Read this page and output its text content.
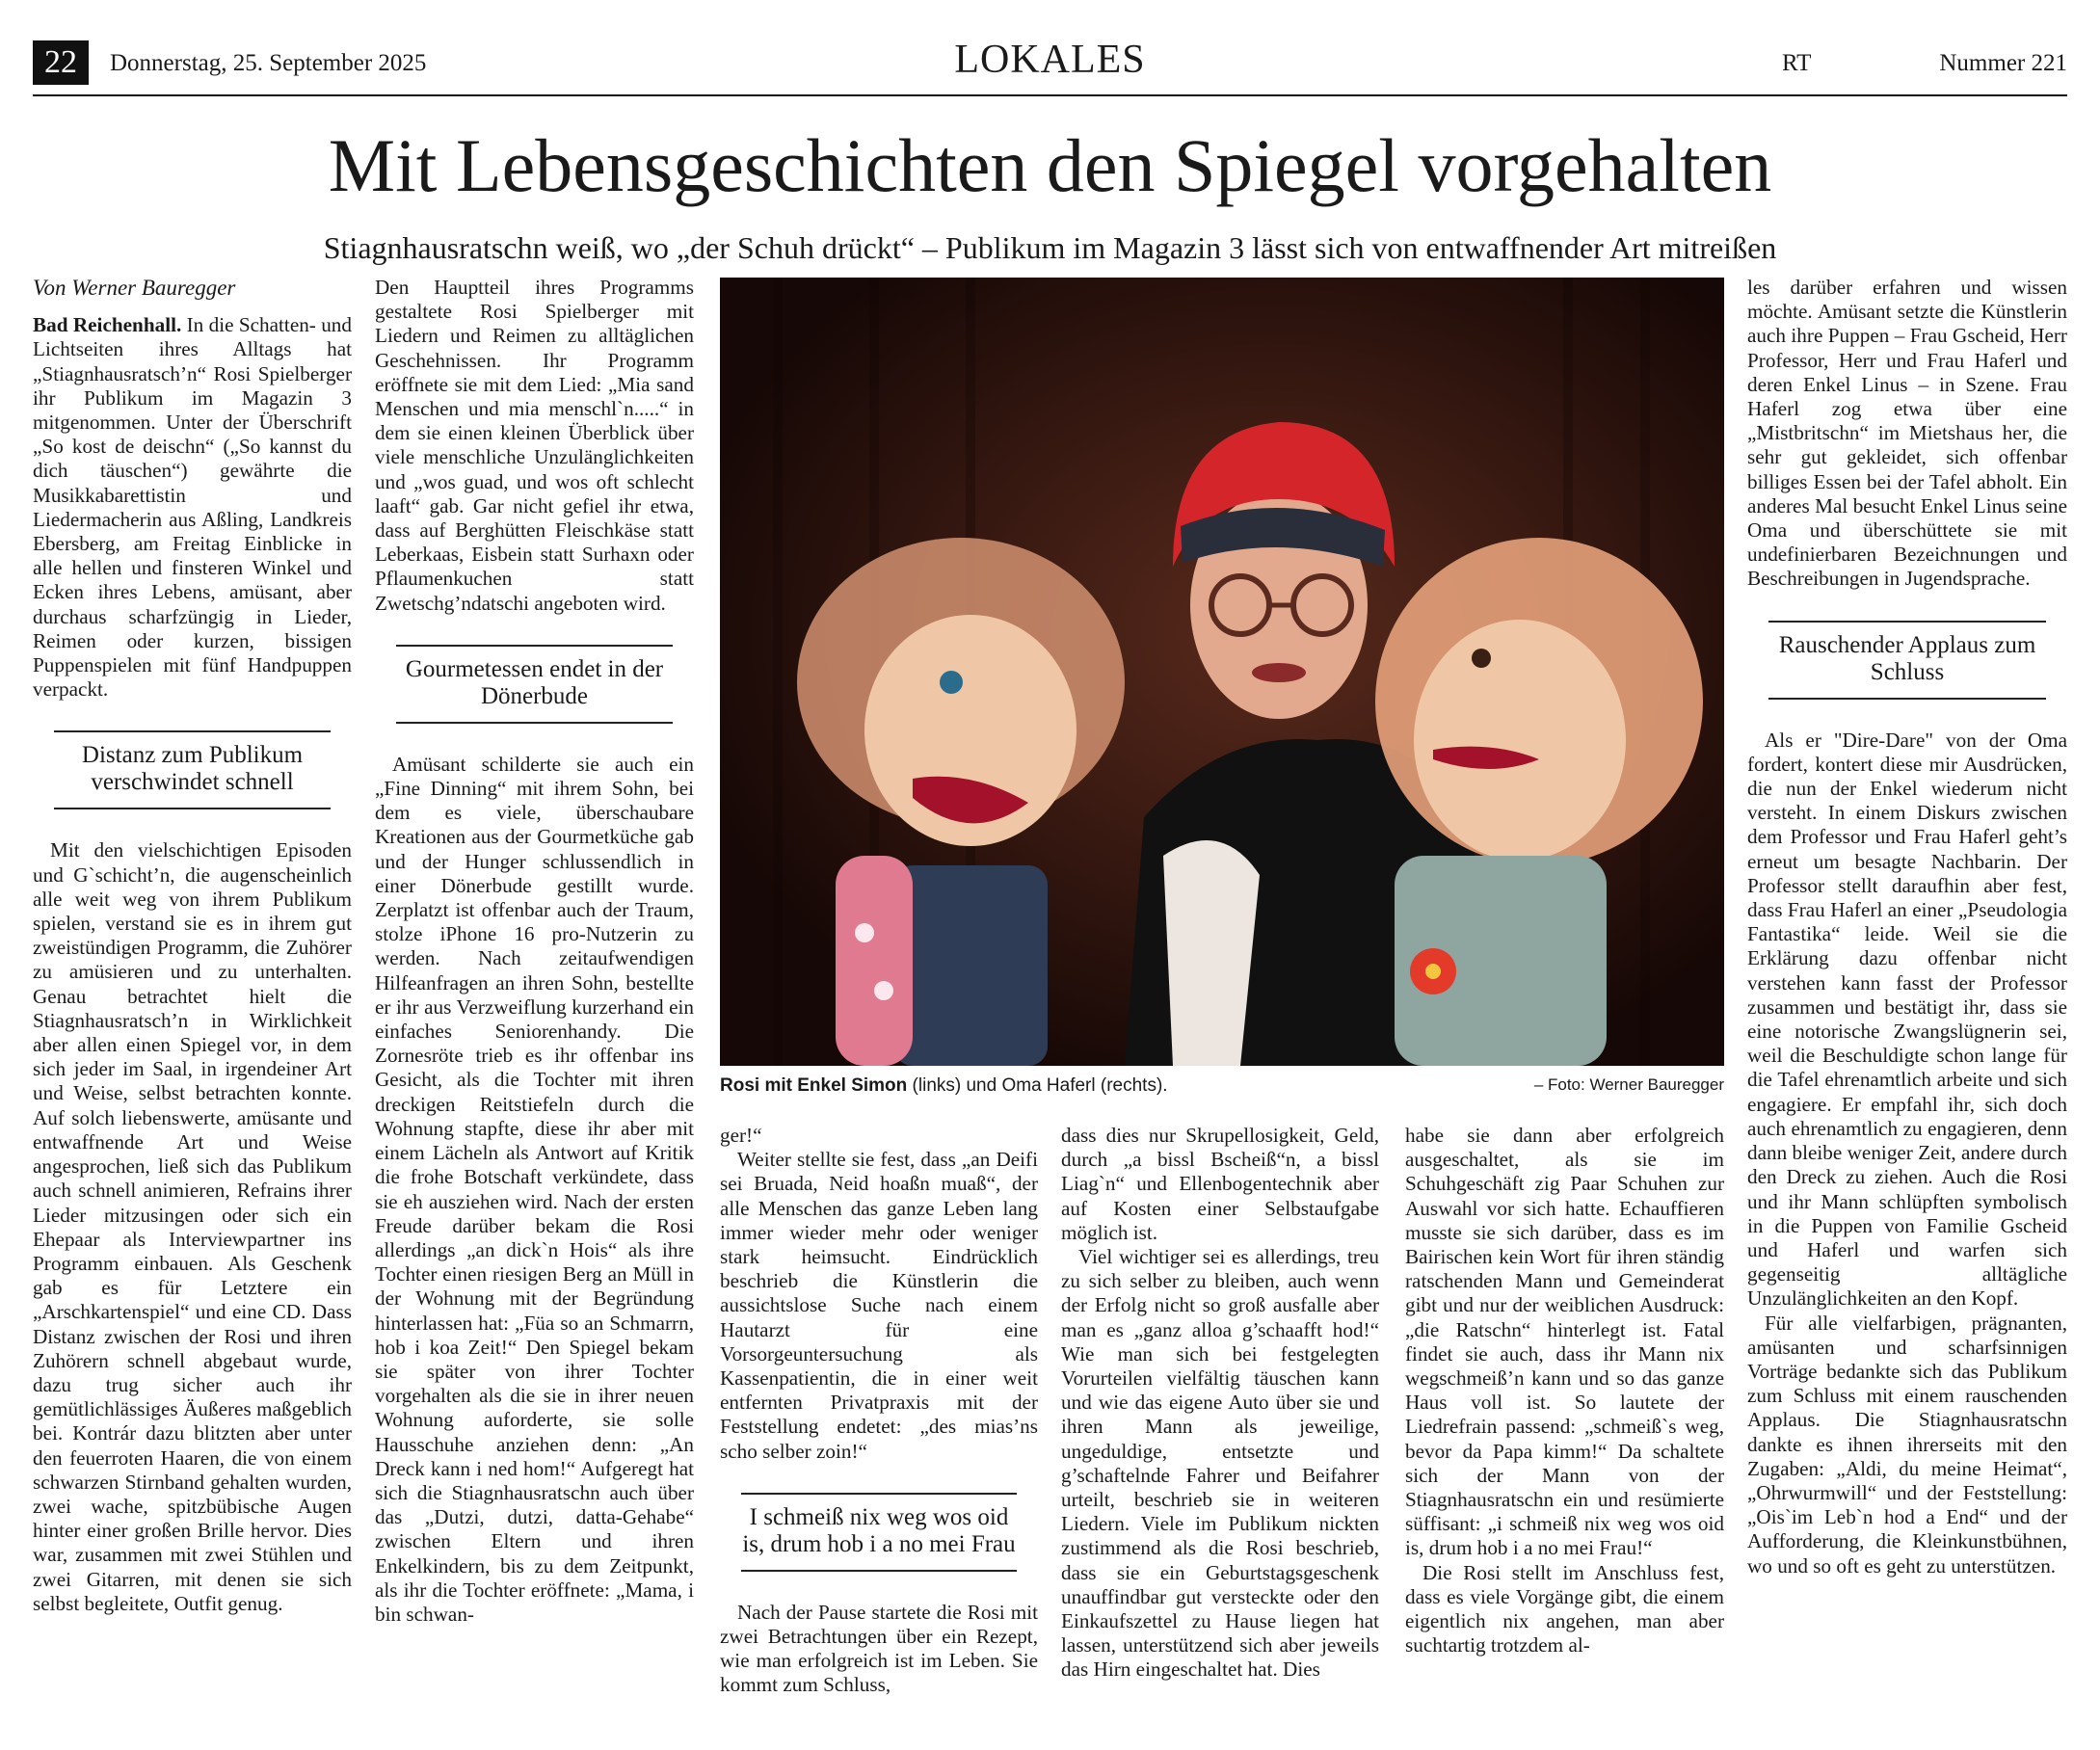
22	Donnerstag, 25. September 2025	LOKALES	RT	Nummer 221
Mit Lebensgeschichten den Spiegel vorgehalten
Stiagnhausratschn weiß, wo „der Schuh drückt“ – Publikum im Magazin 3 lässt sich von entwaffnender Art mitreißen
Von Werner Bauregger

Bad Reichenhall. In die Schatten- und Lichtseiten ihres Alltags hat „Stiagnhausratsch’n“ Rosi Spielberger ihr Publikum im Magazin 3 mitgenommen. Unter der Überschrift „So kost de deischn“ („So kannst du dich täuschen“) gewährte die Musikkabarettistin und Liedermacherin aus Aßling, Landkreis Ebersberg, am Freitag Einblicke in alle hellen und finsteren Winkel und Ecken ihres Lebens, amüsant, aber durchaus scharfzüngig in Lieder, Reimen oder kurzen, bissigen Puppenspielen mit fünf Handpuppen verpackt.

Distanz zum Publikum verschwindet schnell

Mit den vielschichtigen Episoden und G`schicht’n, die augenscheinlich alle weit weg von ihrem Publikum spielen, verstand sie es in ihrem gut zweistündigen Programm, die Zuhörer zu amüsieren und zu unterhalten. Genau betrachtet hielt die Stiagnhausratsch’n in Wirklichkeit aber allen einen Spiegel vor, in dem sich jeder im Saal, in irgendeiner Art und Weise, selbst betrachten konnte. Auf solch liebenswerte, amüsante und entwaffnende Art und Weise angesprochen, ließ sich das Publikum auch schnell animieren, Refrains ihrer Lieder mitzusingen oder sich ein Ehepaar als Interviewpartner ins Programm einbauen. Als Geschenk gab es für Letztere ein „Arschkartenspiel“ und eine CD. Dass Distanz zwischen der Rosi und ihren Zuhörern schnell abgebaut wurde, dazu trug sicher auch ihr gemütlichlässiges Äußeres maßgeblich bei. Kontrár dazu blitzten aber unter den feuerroten Haaren, die von einem schwarzen Stirnband gehalten wurden, zwei wache, spitzbübische Augen hinter einer großen Brille hervor. Dies war, zusammen mit zwei Stühlen und zwei Gitarren, mit denen sie sich selbst begleitete, Outfit genug.

Den Hauptteil ihres Programms gestaltete Rosi Spielberger mit Liedern und Reimen zu alltäglichen Geschehnissen. Ihr Programm eröffnete sie mit dem Lied: „Mia sand Menschen und mia menschl`n.....“ in dem sie einen kleinen Überblick über viele menschliche Unzulänglichkeiten und „wos guad, und wos oft schlecht laaft“ gab. Gar nicht gefiel ihr etwa, dass auf Berghütten Fleischkäse statt Leberkaas, Eisbein statt Surhaxn oder Pflaumenkuchen statt Zwetschg’ndatschi angeboten wird.

Gourmetessen endet in der Dönerbude

Amüsant schilderte sie auch ein „Fine Dinning“ mit ihrem Sohn, bei dem es viele, überschaubare Kreationen aus der Gourmetküche gab und der Hunger schlussendlich in einer Dönerbude gestillt wurde. Zerplatzt ist offenbar auch der Traum, stolze iPhone 16 pro-Nutzerin zu werden. Nach zeitaufwendigen Hilfeanfragen an ihren Sohn, bestellte er ihr aus Verzweiflung kurzerhand ein einfaches Seniorenhandy. Die Zornesröte trieb es ihr offenbar ins Gesicht, als die Tochter mit ihren dreckigen Reitstiefeln durch die Wohnung stapfte, diese ihr aber mit einem Lächeln als Antwort auf Kritik die frohe Botschaft verkündete, dass sie eh ausziehen wird. Nach der ersten Freude darüber bekam die Rosi allerdings „an dick`n Hois“ als ihre Tochter einen riesigen Berg an Müll in der Wohnung mit der Begründung hinterlassen hat: „Füa so an Schmarrn, hob i koa Zeit!“ Den Spiegel bekam sie später von ihrer Tochter vorgehalten als die sie in ihrer neuen Wohnung auforderte, sie solle Hausschuhe anziehen denn: „An Dreck kann i ned hom!“ Aufgeregt hat sich die Stiagnhausratschn auch über das „Dutzi, dutzi, datta-Gehabe“ zwischen Eltern und ihren Enkelkindern, bis zu dem Zeitpunkt, als ihr die Tochter eröffnete: „Mama, i bin schwan-

Rosi mit Enkel Simon (links) und Oma Haferl (rechts).	– Foto: Werner Bauregger

ger!“

Weiter stellte sie fest, dass „an Deifi sei Bruada, Neid hoaßn muaß“, der alle Menschen das ganze Leben lang immer wieder mehr oder weniger stark heimsucht. Eindrücklich beschrieb die Künstlerin die aussichtslose Suche nach einem Hautarzt für eine Vorsorgeuntersuchung als Kassenpatientin, die in einer weit entfernten Privatpraxis mit der Feststellung endetet: „des mias’ns scho selber zoin!“

I schmeiß nix weg wos oid is, drum hob i a no mei Frau

Nach der Pause startete die Rosi mit zwei Betrachtungen über ein Rezept, wie man erfolgreich ist im Leben. Sie kommt zum Schluss,

dass dies nur Skrupellosigkeit, Geld, durch „a bissl Bscheiß“n, a bissl Liag`n“ und Ellenbogentechnik aber auf Kosten einer Selbstaufgabe möglich ist.

Viel wichtiger sei es allerdings, treu zu sich selber zu bleiben, auch wenn der Erfolg nicht so groß ausfalle aber man es „ganz alloa g’schaafft hod!“ Wie man sich bei festgelegten Vorurteilen vielfältig täuschen kann und wie das eigene Auto über sie und ihren Mann als jeweilige, ungeduldige, entsetzte und g’schaftelnde Fahrer und Beifahrer urteilt, beschrieb sie in weiteren Liedern. Viele im Publikum nickten zustimmend als die Rosi beschrieb, dass sie ein Geburtstagsgeschenk unauffindbar gut versteckte oder den Einkaufszettel zu Hause liegen hat lassen, unterstützend sich aber jeweils das Hirn eingeschaltet hat. Dies

habe sie dann aber erfolgreich ausgeschaltet, als sie im Schuhgeschäft zig Paar Schuhen zur Auswahl vor sich hatte. Echauffieren musste sie sich darüber, dass es im Bairischen kein Wort für ihren ständig ratschenden Mann und Gemeinderat gibt und nur der weiblichen Ausdruck: „die Ratschn“ hinterlegt ist. Fatal findet sie auch, dass ihr Mann nix wegschmeiß’n kann und so das ganze Haus voll ist. So lautete der Liedrefrain passend: „schmeiß`s weg, bevor da Papa kimm!“ Da schaltete sich der Mann von der Stiagnhausratschn ein und resümierte süffisant: „i schmeiß nix weg wos oid is, drum hob i a no mei Frau!“

Die Rosi stellt im Anschluss fest, dass es viele Vorgänge gibt, die einem eigentlich nix angehen, man aber suchtartig trotzdem al-

les darüber erfahren und wissen möchte. Amüsant setzte die Künstlerin auch ihre Puppen – Frau Gscheid, Herr Professor, Herr und Frau Haferl und deren Enkel Linus – in Szene. Frau Haferl zog etwa über eine „Mistbritschn“ im Mietshaus her, die sehr gut gekleidet, sich offenbar billiges Essen bei der Tafel abholt. Ein anderes Mal besucht Enkel Linus seine Oma und überschüttete sie mit undefinierbaren Bezeichnungen und Beschreibungen in Jugendsprache.

Rauschender Applaus zum Schluss

Als er "Dire-Dare" von der Oma fordert, kontert diese mir Ausdrücken, die nun der Enkel wiederum nicht versteht. In einem Diskurs zwischen dem Professor und Frau Haferl geht’s erneut um besagte Nachbarin. Der Professor stellt daraufhin aber fest, dass Frau Haferl an einer „Pseudologia Fantastika“ leide. Weil sie die Erklärung dazu offenbar nicht verstehen kann fasst der Professor zusammen und bestätigt ihr, dass sie eine notorische Zwangslügnerin sei, weil die Beschuldigte schon lange für die Tafel ehrenamtlich arbeite und sich engagiere. Er empfahl ihr, sich doch auch ehrenamtlich zu engagieren, denn dann bleibe weniger Zeit, andere durch den Dreck zu ziehen. Auch die Rosi und ihr Mann schlüpften symbolisch in die Puppen von Familie Gscheid und Haferl und warfen sich gegenseitig alltägliche Unzulänglichkeiten an den Kopf.

Für alle vielfarbigen, prägnanten, amüsanten und scharfsinnigen Vorträge bedankte sich das Publikum zum Schluss mit einem rauschenden Applaus. Die Stiagnhausratschn dankte es ihnen ihrerseits mit den Zugaben: „Aldi, du meine Heimat“, „Ohrwurmwill“ und der Feststellung: „Ois`im Leb`n hod a End“ und der Aufforderung, die Kleinkunstbühnen, wo und so oft es geht zu unterstützen.
